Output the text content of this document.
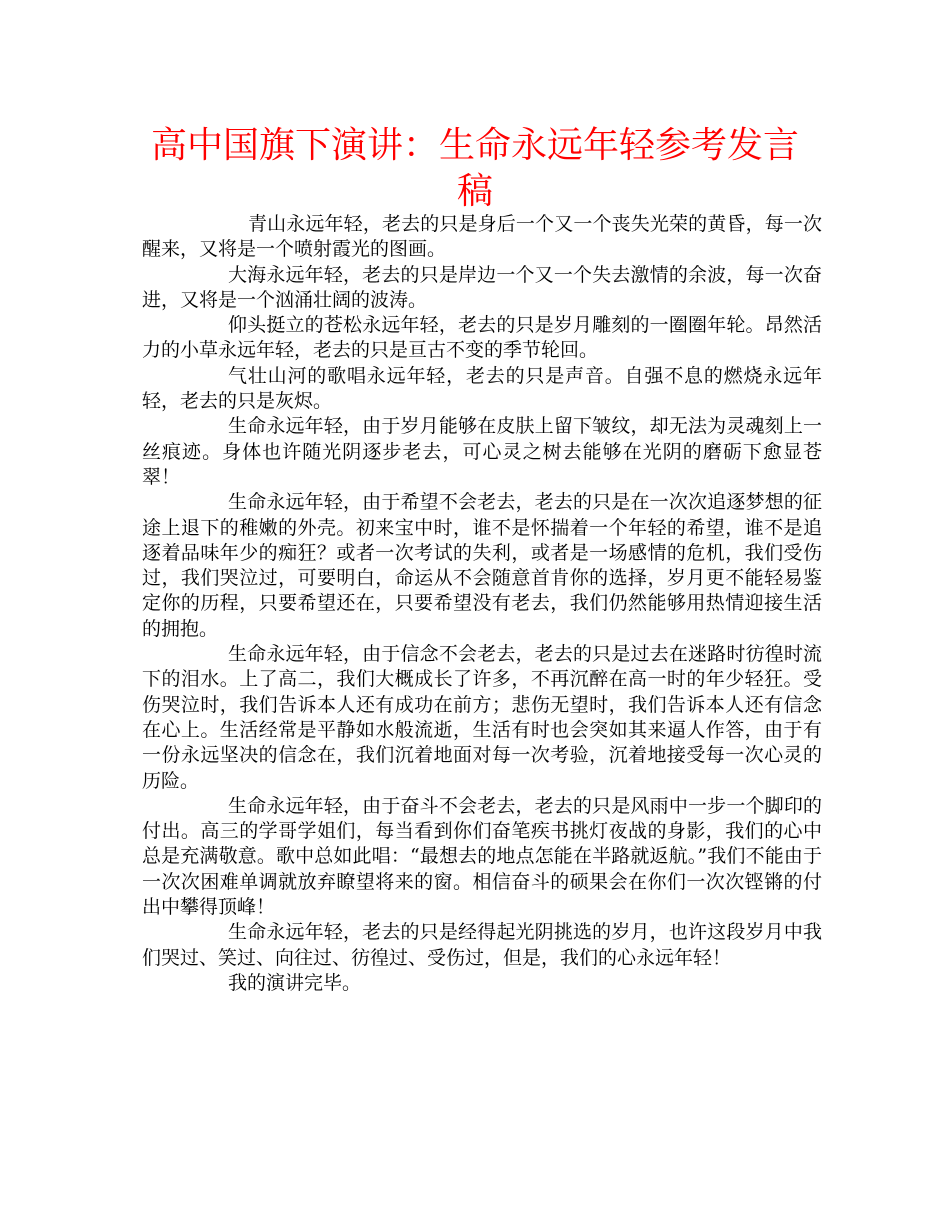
高中国旗下演讲：生命永远年轻参考发言稿

青山永远年轻，老去的只是身后一个又一个丧失光荣的黄昏，每一次醒来，又将是一个喷射霞光的图画。

大海永远年轻，老去的只是岸边一个又一个失去激情的余波，每一次奋进，又将是一个汹涌壮阔的波涛。

仰头挺立的苍松永远年轻，老去的只是岁月雕刻的一圈圈年轮。昂然活力的小草永远年轻，老去的只是亘古不变的季节轮回。

气壮山河的歌唱永远年轻，老去的只是声音。自强不息的燃烧永远年轻，老去的只是灰烬。

生命永远年轻，由于岁月能够在皮肤上留下皱纹，却无法为灵魂刻上一丝痕迹。身体也许随光阴逐步老去，可心灵之树去能够在光阴的磨砺下愈显苍翠！

生命永远年轻，由于希望不会老去，老去的只是在一次次追逐梦想的征途上退下的稚嫩的外壳。初来宝中时，谁不是怀揣着一个年轻的希望，谁不是追逐着品味年少的痴狂？或者一次考试的失利，或者是一场感情的危机，我们受伤过，我们哭泣过，可要明白，命运从不会随意首肯你的选择，岁月更不能轻易鉴定你的历程，只要希望还在，只要希望没有老去，我们仍然能够用热情迎接生活的拥抱。

生命永远年轻，由于信念不会老去，老去的只是过去在迷路时彷徨时流下的泪水。上了高二，我们大概成长了许多，不再沉醉在高一时的年少轻狂。受伤哭泣时，我们告诉本人还有成功在前方；悲伤无望时，我们告诉本人还有信念在心上。生活经常是平静如水般流逝，生活有时也会突如其来逼人作答，由于有一份永远坚决的信念在，我们沉着地面对每一次考验，沉着地接受每一次心灵的历险。

生命永远年轻，由于奋斗不会老去，老去的只是风雨中一步一个脚印的付出。高三的学哥学姐们，每当看到你们奋笔疾书挑灯夜战的身影，我们的心中总是充满敬意。歌中总如此唱：“最想去的地点怎能在半路就返航。”我们不能由于一次次困难单调就放弃瞭望将来的窗。相信奋斗的硕果会在你们一次次铿锵的付出中攀得顶峰！

生命永远年轻，老去的只是经得起光阴挑选的岁月，也许这段岁月中我们哭过、笑过、向往过、彷徨过、受伤过，但是，我们的心永远年轻！

我的演讲完毕。
